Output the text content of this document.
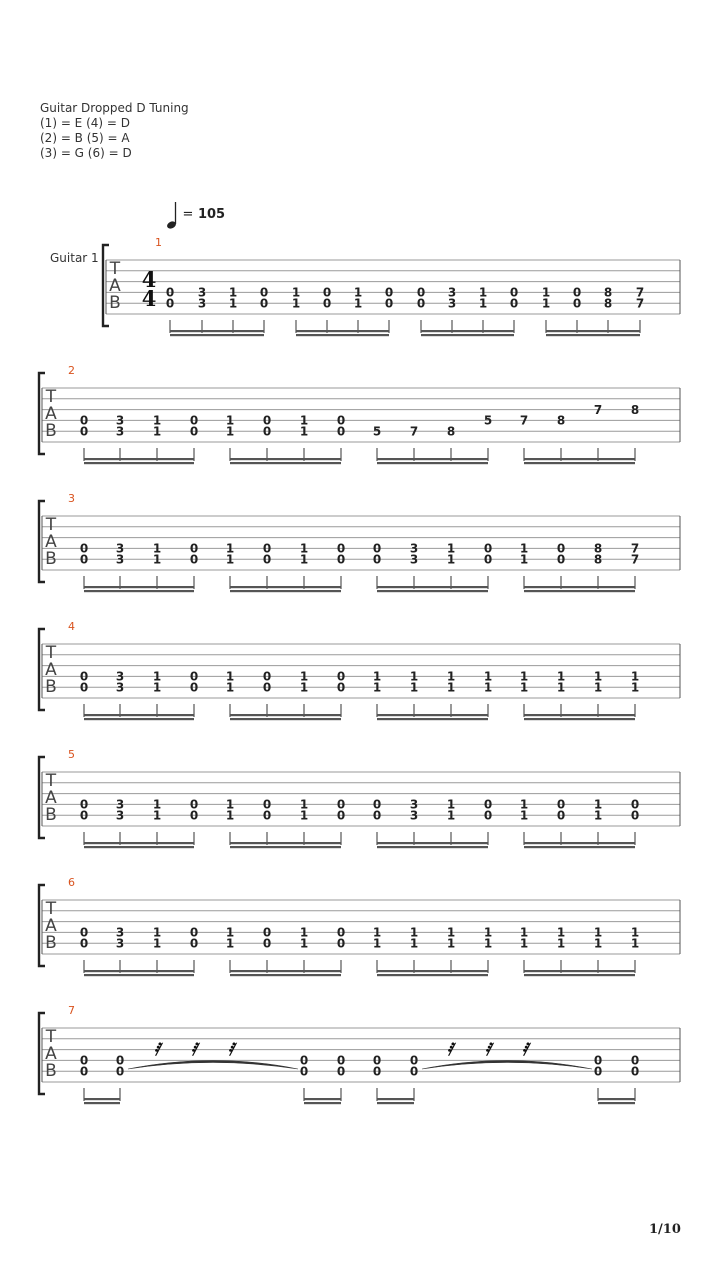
Guitar Dropped D Tuning
(1) = E (4) = D
(2) = B (5) = A
(3) = G (6) = D
= 105
T
A
B
1
Guitar 1
4
4 0
0
3
3
1
1
0
0
1
1
0
0
1
1
0
0
0
0
3
3
1
1
0
0
1
1
0
0
8
8
7
7
T
A
B
2
0
0
3
3
1
1
0
0
1
1
0
0
1
1
0
0 5 7 8
5 7 8
7 8
T
A
B
3
0
0
3
3
1
1
0
0
1
1
0
0
1
1
0
0
0
0
3
3
1
1
0
0
1
1
0
0
8
8
7
7
T
A
B
4
0
0
3
3
1
1
0
0
1
1
0
0
1
1
0
0
1
1
1
1
1
1
1
1
1
1
1
1
1
1
1
1
T
A
B
5
0
0
3
3
1
1
0
0
1
1
0
0
1
1
0
0
0
0
3
3
1
1
0
0
1
1
0
0
1
1
0
0
T
A
B
6
0
0
3
3
1
1
0
0
1
1
0
0
1
1
0
0
1
1
1
1
1
1
1
1
1
1
1
1
1
1
1
1
T
A
B
7
0
0
0
0
𝅀 𝅀 𝅀
0
0
0
0
0
0
0
0
𝅀 𝅀 𝅀
0
0
0
0
1/10
